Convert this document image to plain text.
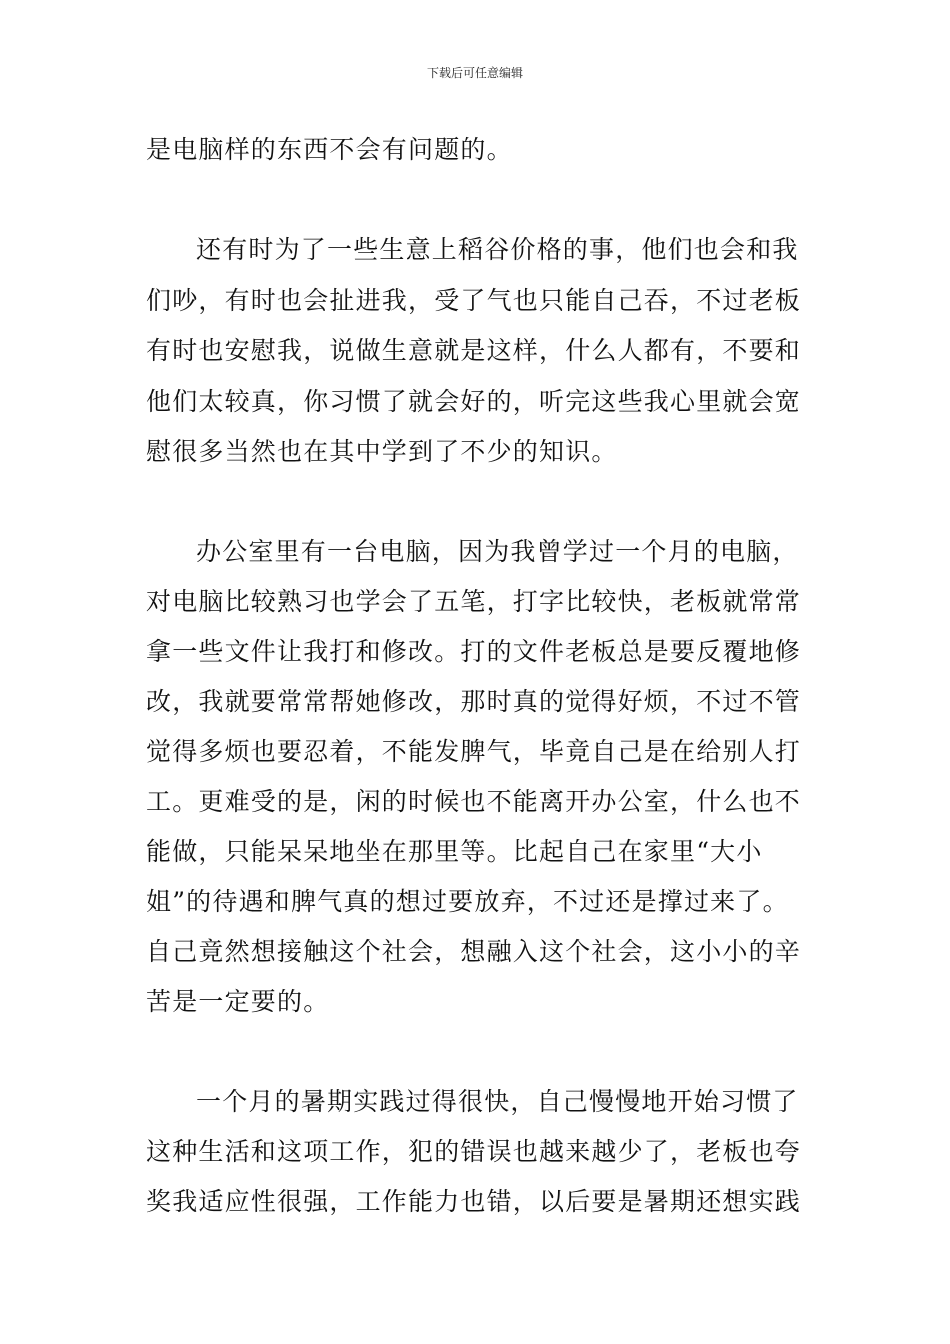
下载后可任意编辑
是电脑样的东西不会有问题的。
还有时为了一些生意上稻谷价格的事，他们也会和我
们吵，有时也会扯进我，受了气也只能自己吞，不过老板
有时也安慰我，说做生意就是这样，什么人都有，不要和
他们太较真，你习惯了就会好的，听完这些我心里就会宽
慰很多当然也在其中学到了不少的知识。
办公室里有一台电脑，因为我曾学过一个月的电脑，
对电脑比较熟习也学会了五笔，打字比较快，老板就常常
拿一些文件让我打和修改。打的文件老板总是要反覆地修
改，我就要常常帮她修改，那时真的觉得好烦，不过不管
觉得多烦也要忍着，不能发脾气，毕竟自己是在给别人打
工。更难受的是，闲的时候也不能离开办公室，什么也不
能做，只能呆呆地坐在那里等。比起自己在家里“大小
姐”的待遇和脾气真的想过要放弃，不过还是撑过来了。
自己竟然想接触这个社会，想融入这个社会，这小小的辛
苦是一定要的。
一个月的暑期实践过得很快，自己慢慢地开始习惯了
这种生活和这项工作，犯的错误也越来越少了，老板也夸
奖我适应性很强，工作能力也错，以后要是暑期还想实践
